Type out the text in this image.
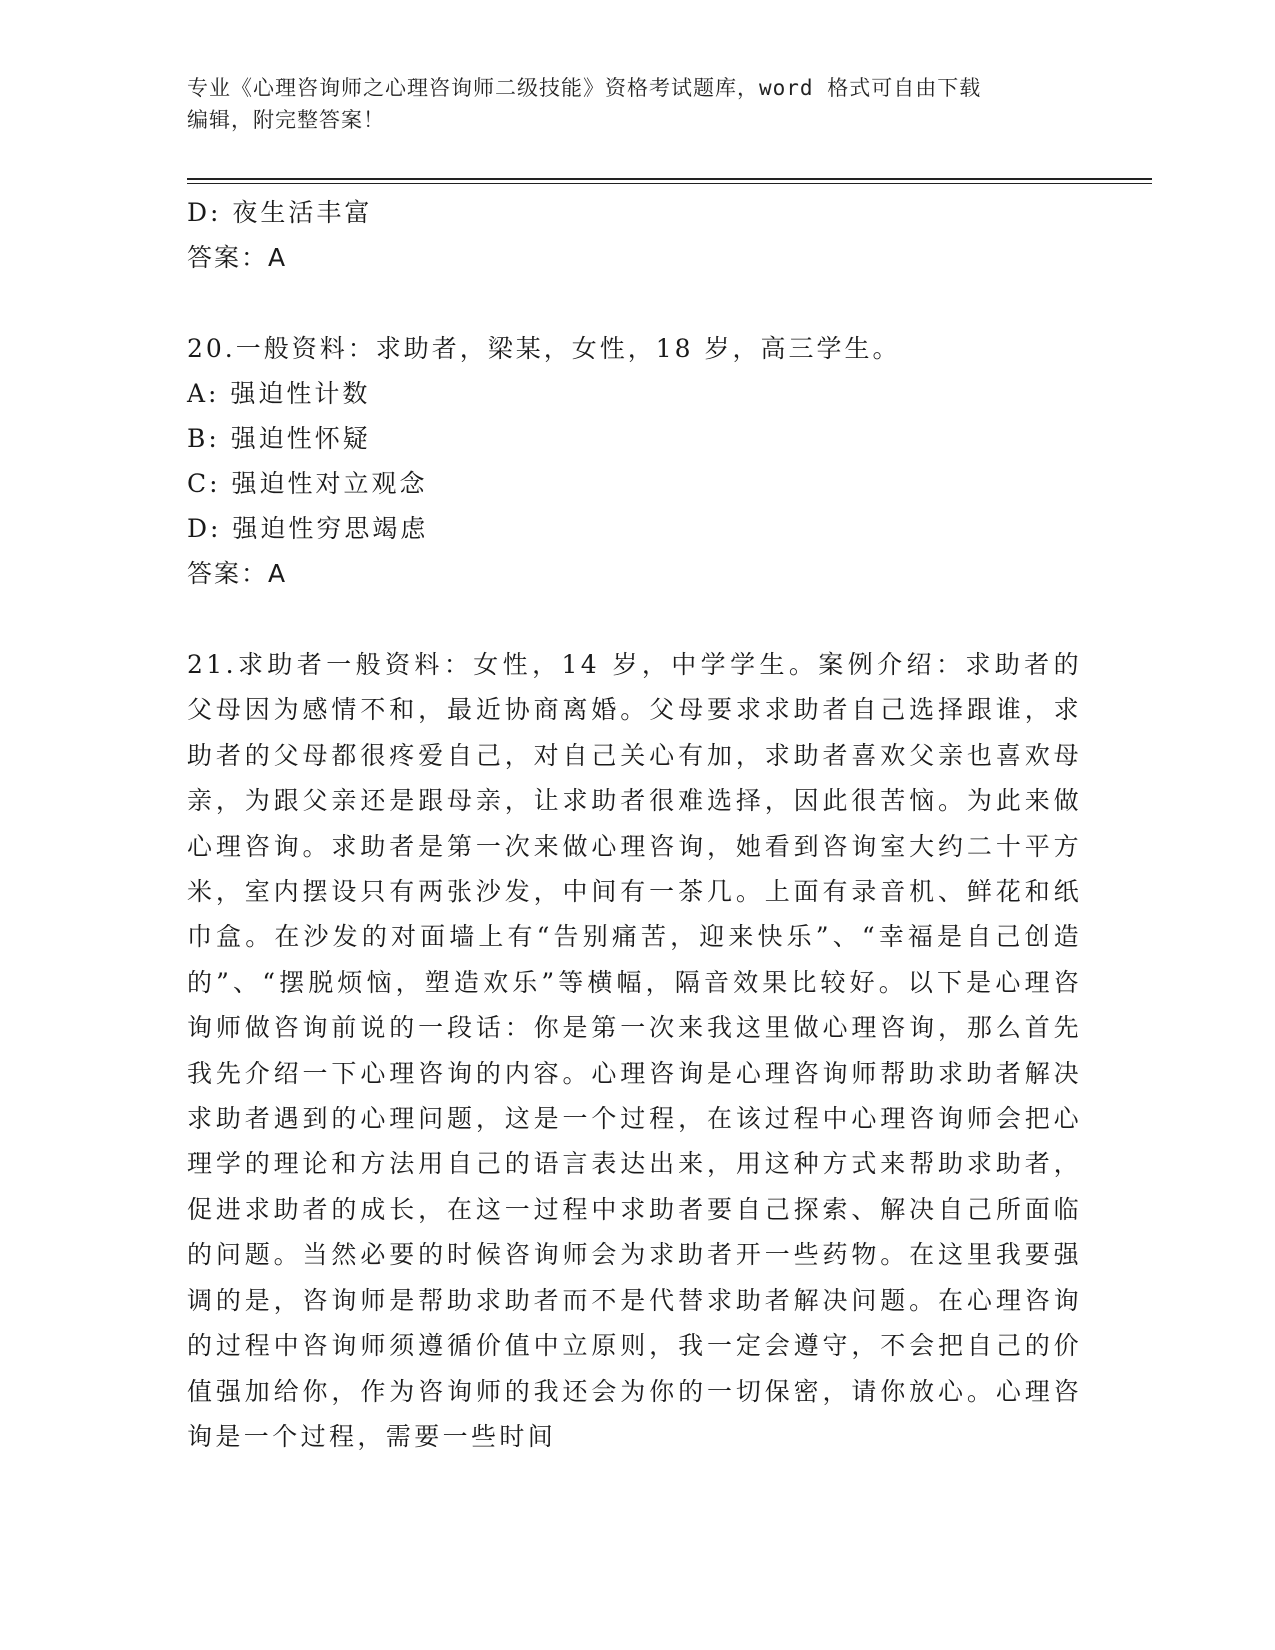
专业《心理咨询师之心理咨询师二级技能》资格考试题库，word 格式可自由下载
编辑，附完整答案！
D: 夜生活丰富
答案：A
20.一般资料：求助者，梁某，女性，18 岁，高三学生。
A: 强迫性计数
B: 强迫性怀疑
C: 强迫性对立观念
D: 强迫性穷思竭虑
答案：A
21.求助者一般资料：女性，14 岁，中学学生。案例介绍：求助者的父母因为感情不和，最近协商离婚。父母要求求助者自己选择跟谁，求助者的父母都很疼爱自己，对自己关心有加，求助者喜欢父亲也喜欢母亲，为跟父亲还是跟母亲，让求助者很难选择，因此很苦恼。为此来做心理咨询。求助者是第一次来做心理咨询，她看到咨询室大约二十平方米，室内摆设只有两张沙发，中间有一茶几。上面有录音机、鲜花和纸巾盒。在沙发的对面墙上有“告别痛苦，迎来快乐”、“幸福是自己创造的”、“摆脱烦恼，塑造欢乐”等横幅，隔音效果比较好。以下是心理咨询师做咨询前说的一段话：你是第一次来我这里做心理咨询，那么首先我先介绍一下心理咨询的内容。心理咨询是心理咨询师帮助求助者解决求助者遇到的心理问题，这是一个过程，在该过程中心理咨询师会把心理学的理论和方法用自己的语言表达出来，用这种方式来帮助求助者，促进求助者的成长，在这一过程中求助者要自己探索、解决自己所面临的问题。当然必要的时候咨询师会为求助者开一些药物。在这里我要强调的是，咨询师是帮助求助者而不是代替求助者解决问题。在心理咨询的过程中咨询师须遵循价值中立原则，我一定会遵守，不会把自己的价值强加给你，作为咨询师的我还会为你的一切保密，请你放心。心理咨询是一个过程，需要一些时间
